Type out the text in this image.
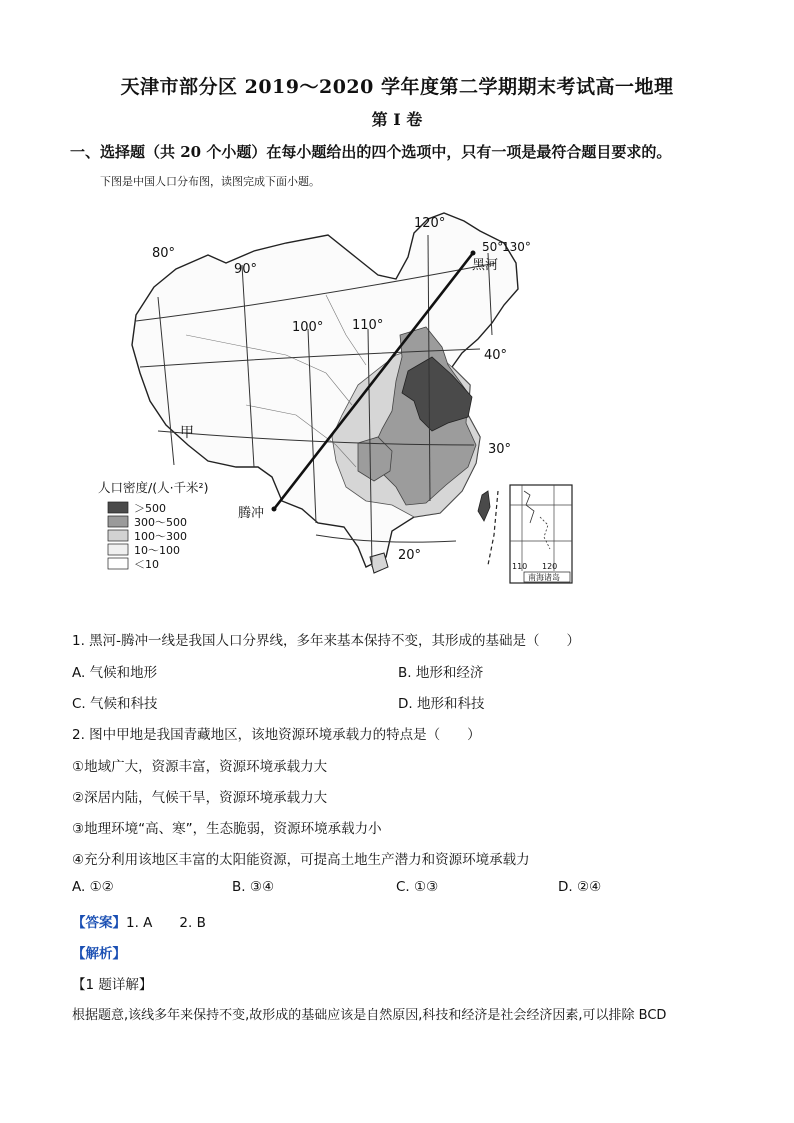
天津市部分区 2019～2020 学年度第二学期期末考试高一地理
第 I 卷
一、选择题（共 20 个小题）在每小题给出的四个选项中，只有一项是最符合题目要求的。
下图是中国人口分布图，读图完成下面小题。
80°
90°
100° 110°
120°
50°
130°
40°
30°
20°
黑河
腾冲
甲
人口密度/(人·千米²)
＞500
300～500
100～300
10～100
＜10	110 120
南海诸岛
1. 黑河-腾冲一线是我国人口分界线，多年来基本保持不变，其形成的基础是（　　）
A. 气候和地形	B. 地形和经济
C. 气候和科技	D. 地形和科技
2. 图中甲地是我国青藏地区，该地资源环境承载力的特点是（　　）
①地域广大，资源丰富，资源环境承载力大
②深居内陆，气候干旱，资源环境承载力大
③地理环境“高、寒”，生态脆弱，资源环境承载力小
④充分利用该地区丰富的太阳能资源，可提高土地生产潜力和资源环境承载力
A. ①②	B. ③④	C. ①③	D. ②④
【答案】1. A　　2. B
【解析】
【1 题详解】
根据题意,该线多年来保持不变,故形成的基础应该是自然原因,科技和经济是社会经济因素,可以排除 BCD
